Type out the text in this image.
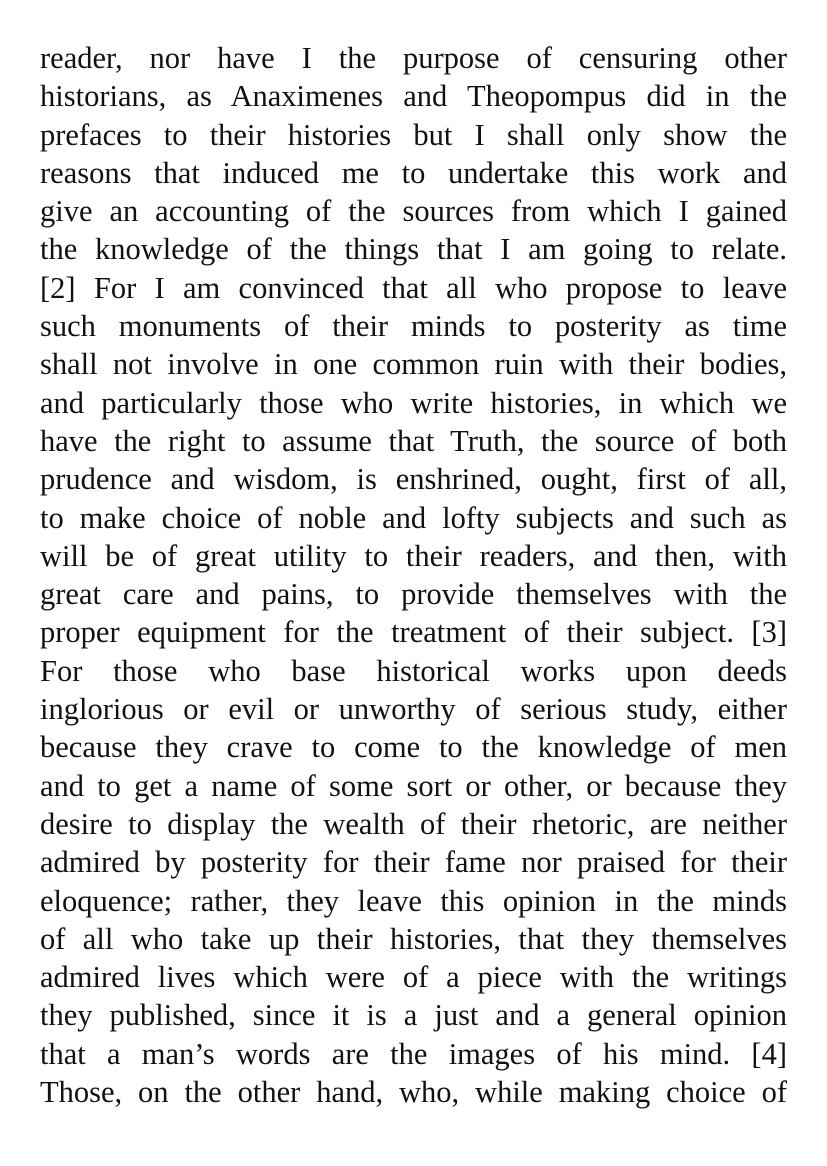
reader, nor have I the purpose of censuring other
historians, as Anaximenes and Theopompus did in the
prefaces to their histories but I shall only show the
reasons that induced me to undertake this work and
give an accounting of the sources from which I gained
the knowledge of the things that I am going to relate.
[2] For I am convinced that all who propose to leave
such monuments of their minds to posterity as time
shall not involve in one common ruin with their bodies,
and particularly those who write histories, in which we
have the right to assume that Truth, the source of both
prudence and wisdom, is enshrined, ought, first of all,
to make choice of noble and lofty subjects and such as
will be of great utility to their readers, and then, with
great care and pains, to provide themselves with the
proper equipment for the treatment of their subject. [3]
For those who base historical works upon deeds
inglorious or evil or unworthy of serious study, either
because they crave to come to the knowledge of men
and to get a name of some sort or other, or because they
desire to display the wealth of their rhetoric, are neither
admired by posterity for their fame nor praised for their
eloquence; rather, they leave this opinion in the minds
of all who take up their histories, that they themselves
admired lives which were of a piece with the writings
they published, since it is a just and a general opinion
that a man’s words are the images of his mind. [4]
Those, on the other hand, who, while making choice of
